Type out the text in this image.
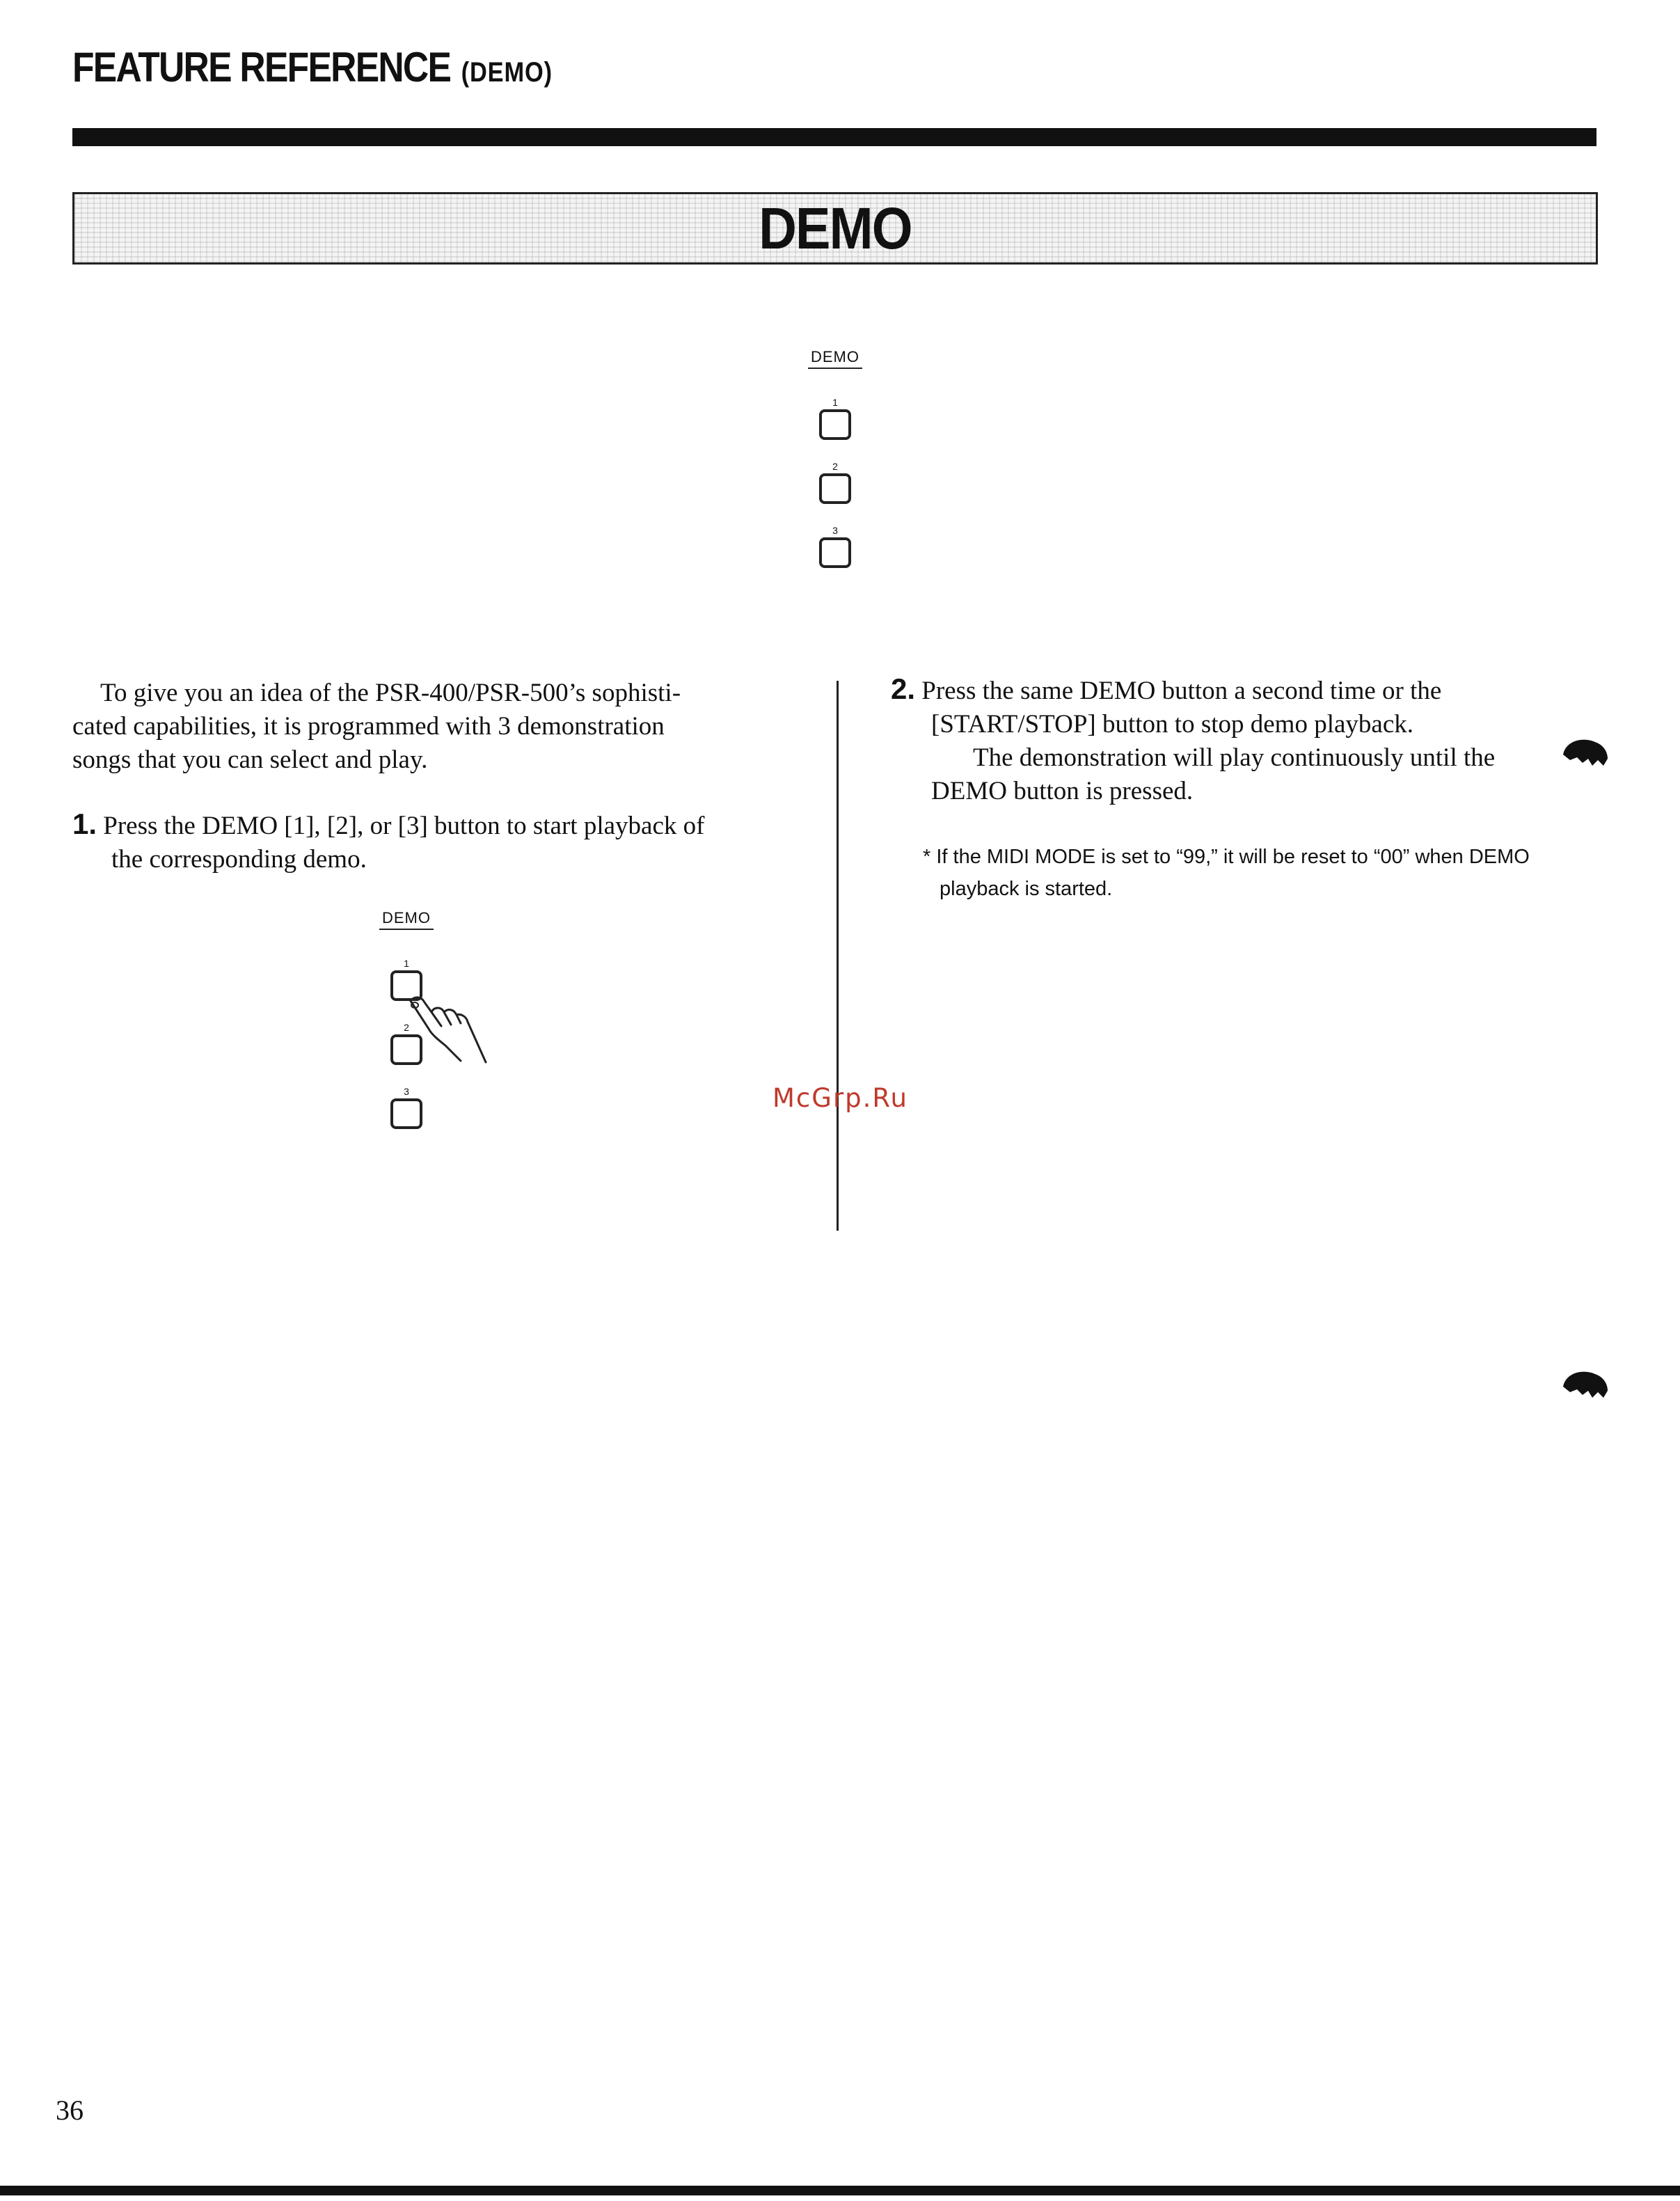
FEATURE REFERENCE (DEMO)
DEMO
DEMO
1
2
3
To give you an idea of the PSR-400/PSR-500’s sophisti-
cated capabilities, it is programmed with 3 demonstration
songs that you can select and play.
1. Press the DEMO [1], [2], or [3] button to start playback of
the corresponding demo.
DEMO
1
2
3
2. Press the same DEMO button a second time or the
[START/STOP] button to stop demo playback.
The demonstration will play continuously until the
DEMO button is pressed.
* If the MIDI MODE is set to “99,” it will be reset to “00” when DEMO
playback is started.
McGrp.Ru
36
